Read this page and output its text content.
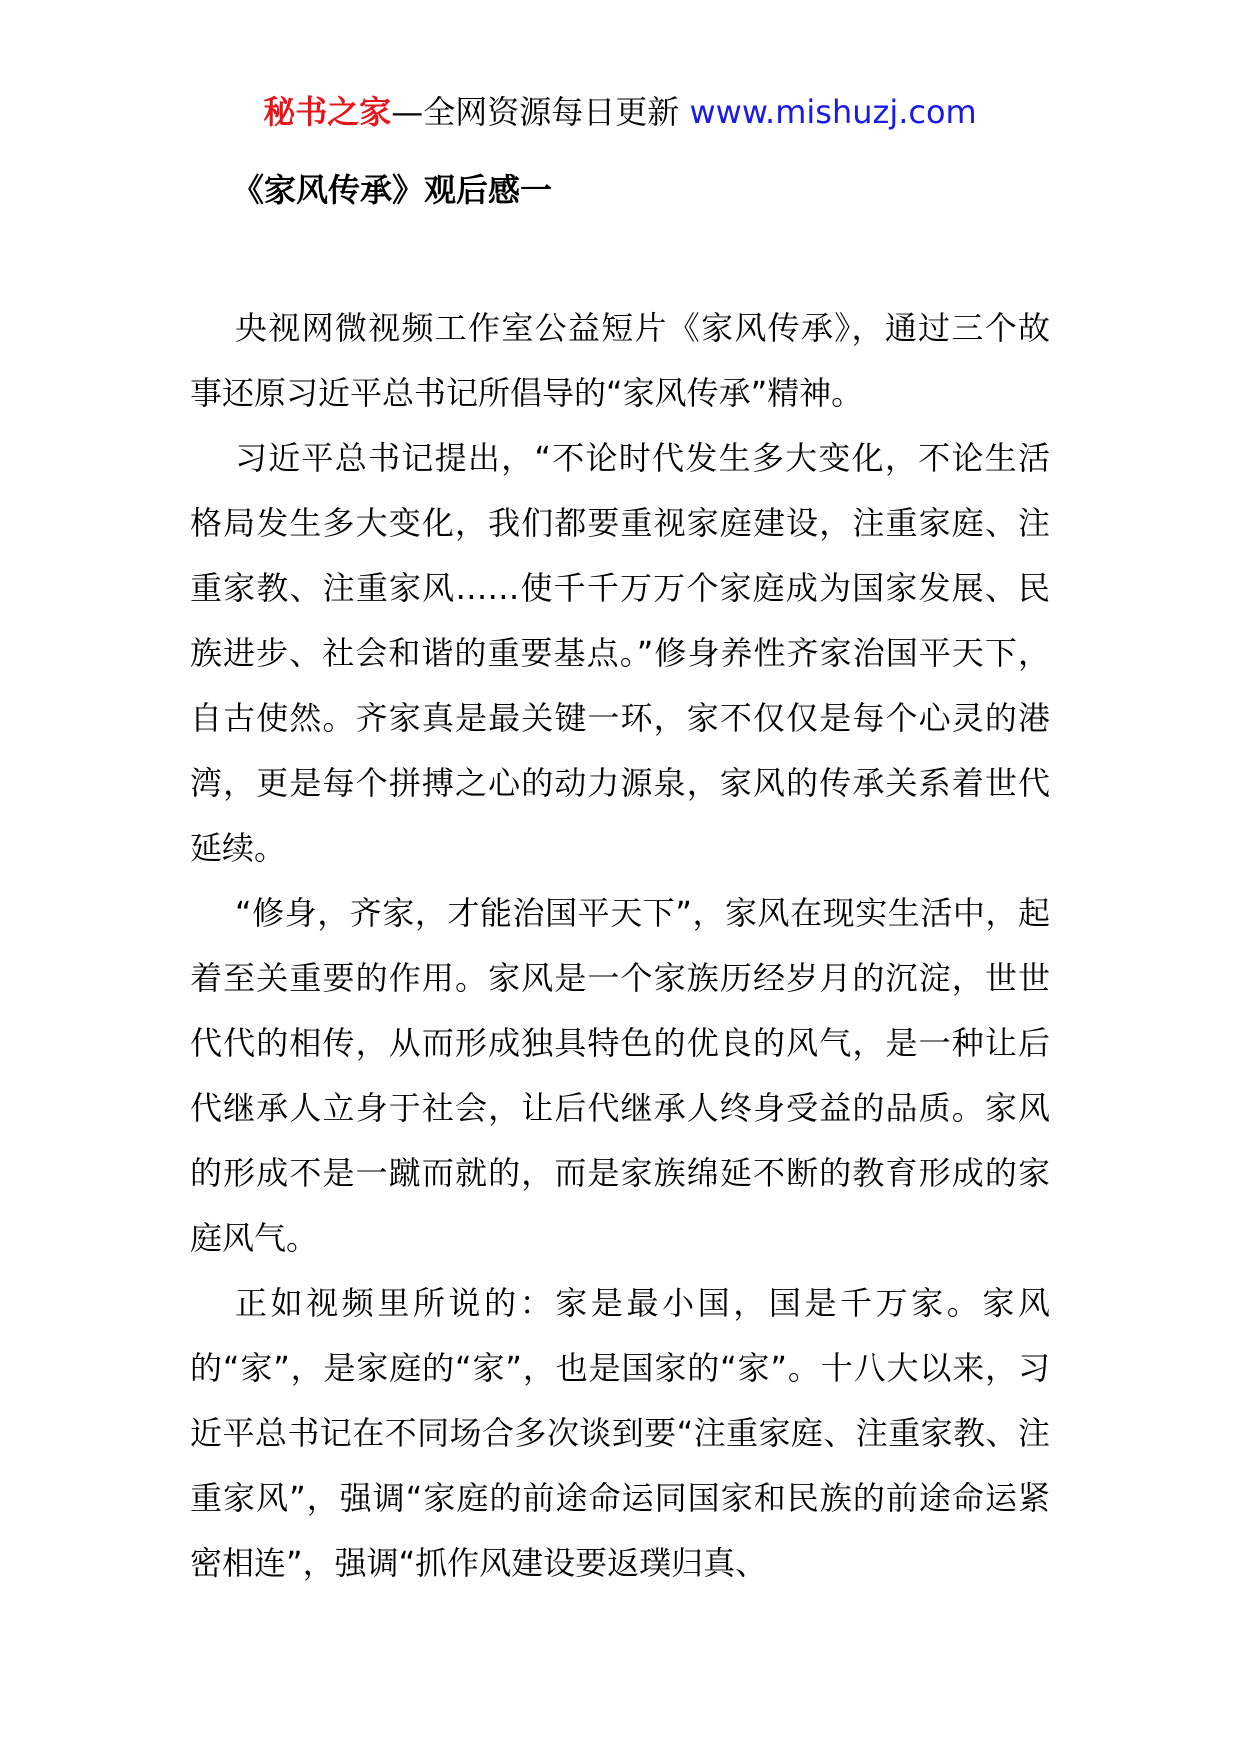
秘书之家—全网资源每日更新 www.mishuzj.com
《家风传承》观后感一

央视网微视频工作室公益短片《家风传承》，通过三个故事还原习近平总书记所倡导的“家风传承”精神。

习近平总书记提出，“不论时代发生多大变化，不论生活格局发生多大变化，我们都要重视家庭建设，注重家庭、注重家教、注重家风……使千千万万个家庭成为国家发展、民族进步、社会和谐的重要基点。”修身养性齐家治国平天下，自古使然。齐家真是最关键一环，家不仅仅是每个心灵的港湾，更是每个拼搏之心的动力源泉，家风的传承关系着世代延续。

“修身，齐家，才能治国平天下”，家风在现实生活中，起着至关重要的作用。家风是一个家族历经岁月的沉淀，世世代代的相传，从而形成独具特色的优良的风气，是一种让后代继承人立身于社会，让后代继承人终身受益的品质。家风的形成不是一蹴而就的，而是家族绵延不断的教育形成的家庭风气。

正如视频里所说的：家是最小国，国是千万家。家风的“家”，是家庭的“家”，也是国家的“家”。十八大以来，习近平总书记在不同场合多次谈到要“注重家庭、注重家教、注重家风”，强调“家庭的前途命运同国家和民族的前途命运紧密相连”，强调“抓作风建设要返璞归真、
